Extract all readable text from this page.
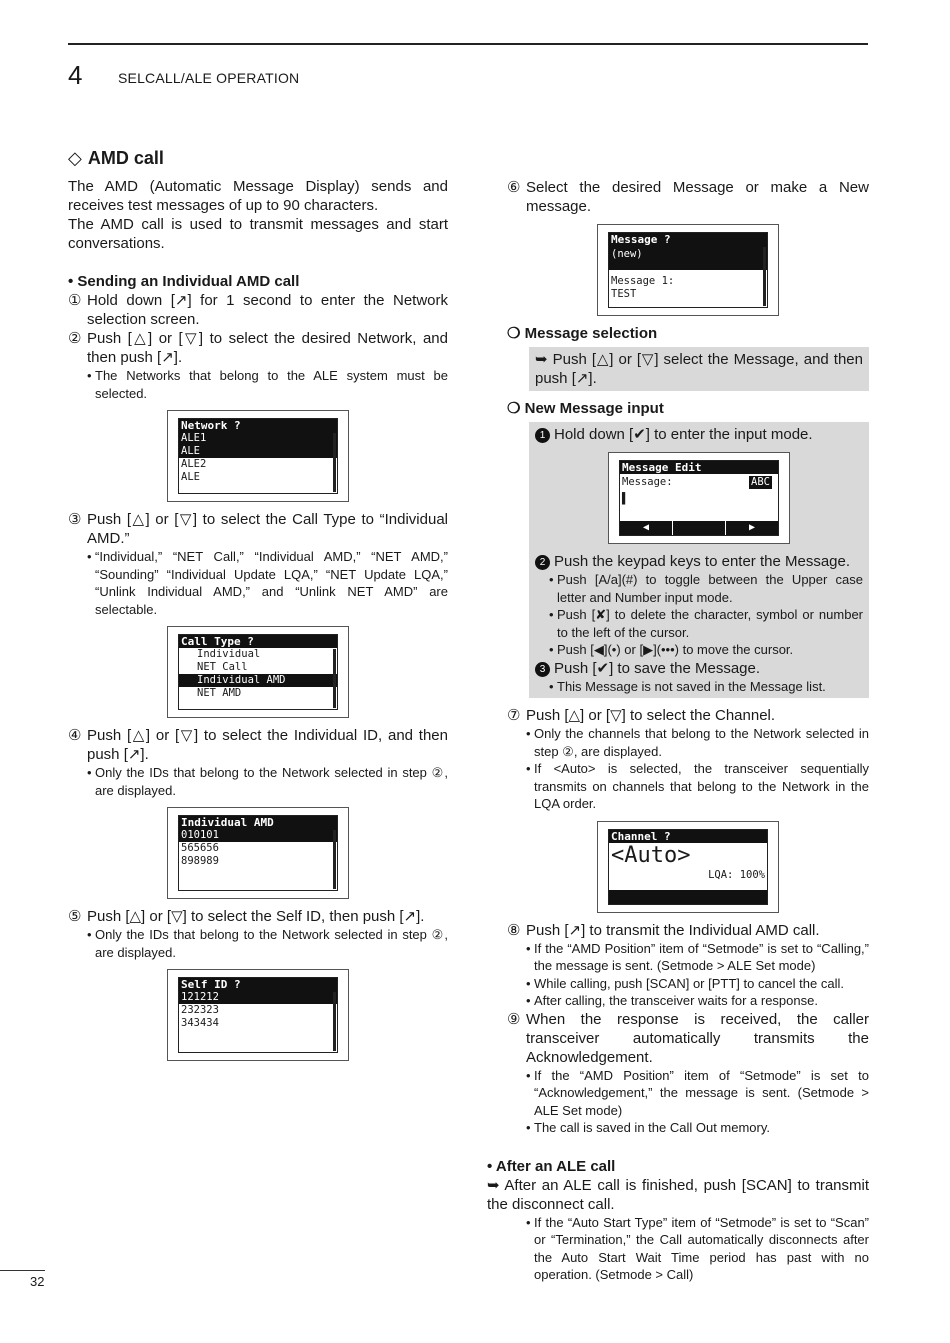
4	SELCALL/ALE OPERATION
◇ AMD call

The AMD (Automatic Message Display) sends and receives test messages of up to 90 characters.

The AMD call is used to transmit messages and start conversations.

• Sending an Individual AMD call
① Hold down [↗] for 1 second to enter the Network selection screen.
② Push [△] or [▽] to select the desired Network, and then push [↗].
• The Networks that belong to the ALE system must be selected.
Network ?
ALE1
ALE
ALE2
ALE
③ Push [△] or [▽] to select the Call Type to “Individual AMD.”
• “Individual,” “NET Call,” “Individual AMD,” “NET AMD,” “Sounding” “Individual Update LQA,” “NET Update LQA,” “Unlink Individual AMD,” and “Unlink NET AMD” are selectable.
Call Type ?
Individual
NET Call
Individual AMD
NET AMD
④ Push [△] or [▽] to select the Individual ID, and then push [↗].
• Only the IDs that belong to the Network selected in step ②, are displayed.
Individual AMD
010101
565656
898989
⑤ Push [△] or [▽] to select the Self ID, then push [↗].
• Only the IDs that belong to the Network selected in step ②, are displayed.
Self ID ?
121212
232323
343434
⑥ Select the desired Message or make a New message.
Message ?
(new)
Message 1:
TEST
❍ Message selection
➥ Push [△] or [▽] select the Message, and then push [↗].
❍ New Message input
1 Hold down [✔] to enter the input mode.
Message Edit
Message:	ABC
▌
◀	▶
2 Push the keypad keys to enter the Message.
• Push [A/a](#) to toggle between the Upper case letter and Number input mode.
• Push [✘] to delete the character, symbol or number to the left of the cursor.
• Push [◀](•) or [▶](•••) to move the cursor.
3 Push [✔] to save the Message.
• This Message is not saved in the Message list.
⑦ Push [△] or [▽] to select the Channel.
• Only the channels that belong to the Network selected in step ②, are displayed.
• If <Auto> is selected, the transceiver sequentially transmits on channels that belong to the Network in the LQA order.
Channel ?
<Auto>
LQA: 100%
⑧ Push [↗] to transmit the Individual AMD call.
• If the “AMD Position” item of “Setmode” is set to “Calling,” the message is sent. (Setmode > ALE Set mode)
• While calling, push [SCAN] or [PTT] to cancel the call.
• After calling, the transceiver waits for a response.
⑨ When the response is received, the caller transceiver automatically transmits the Acknowledgement.
• If the “AMD Position” item of “Setmode” is set to “Acknowledgement,” the message is sent. (Setmode > ALE Set mode)
• The call is saved in the Call Out memory.
• After an ALE call
➥ After an ALE call is finished, push [SCAN] to transmit the disconnect call.
• If the “Auto Start Type” item of “Setmode” is set to “Scan” or “Termination,” the Call automatically disconnects after the Auto Start Wait Time period has past with no operation. (Setmode > Call)
32
